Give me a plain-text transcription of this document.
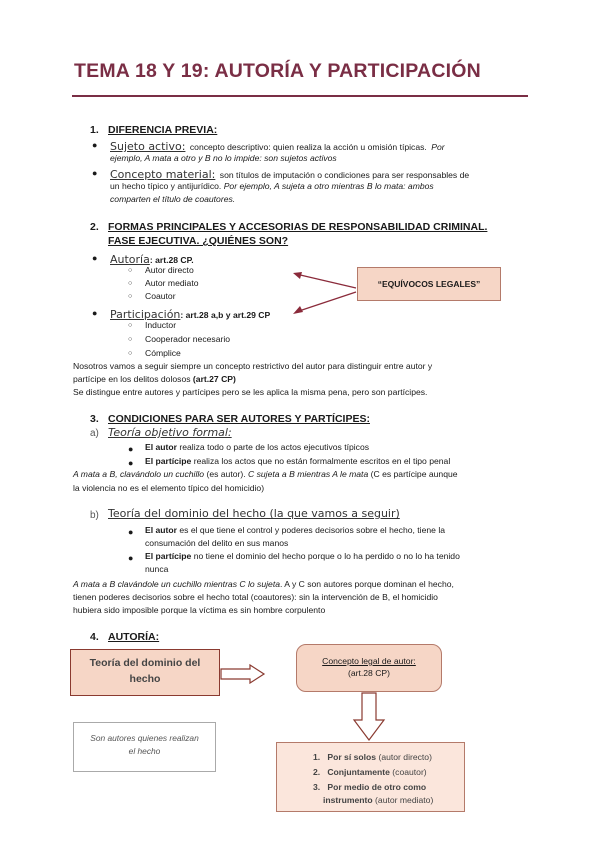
TEMA 18 Y 19: AUTORÍA Y PARTICIPACIÓN
1. DIFERENCIA PREVIA:
● Sujeto activo: concepto descriptivo: quien realiza la acción u omisión típicas. Por
ejemplo, A mata a otro y B no lo impide: son sujetos activos
● Concepto material: son títulos de imputación o condiciones para ser responsables de
un hecho típico y antijurídico. Por ejemplo, A sujeta a otro mientras B lo mata: ambos
comparten el título de coautores.
2. FORMAS PRINCIPALES Y ACCESORIAS DE RESPONSABILIDAD CRIMINAL.
FASE EJECUTIVA. ¿QUIÉNES SON?
● Autoría: art.28 CP.
○ Autor directo
○ Autor mediato
○ Coautor
● Participación: art.28 a,b y art.29 CP
○ Inductor
○ Cooperador necesario
○ Cómplice
“EQUÍVOCOS LEGALES”
Nosotros vamos a seguir siempre un concepto restrictivo del autor para distinguir entre autor y
partícipe en los delitos dolosos (art.27 CP)
Se distingue entre autores y partícipes pero se les aplica la misma pena, pero son partícipes.
3. CONDICIONES PARA SER AUTORES Y PARTÍCIPES:
a) Teoría objetivo formal:
● El autor realiza todo o parte de los actos ejecutivos típicos
● El partícipe realiza los actos que no están formalmente escritos en el tipo penal
A mata a B, clavándolo un cuchillo (es autor). C sujeta a B mientras A le mata (C es partícipe aunque
la violencia no es el elemento típico del homicidio)
b) Teoría del dominio del hecho (la que vamos a seguir)
● El autor es el que tiene el control y poderes decisorios sobre el hecho, tiene la
consumación del delito en sus manos
● El partícipe no tiene el dominio del hecho porque o lo ha perdido o no lo ha tenido
nunca
A mata a B clavándole un cuchillo mientras C lo sujeta. A y C son autores porque dominan el hecho,
tienen poderes decisorios sobre el hecho total (coautores): sin la intervención de B, el homicidio
hubiera sido imposible porque la víctima es sin hombre corpulento
4. AUTORÍA:
Teoría del dominio del
hecho
Concepto legal de autor:
(art.28 CP)
Son autores quienes realizan
el hecho
1. Por sí solos (autor directo)
2. Conjuntamente (coautor)
3. Por medio de otro como
instrumento (autor mediato)
